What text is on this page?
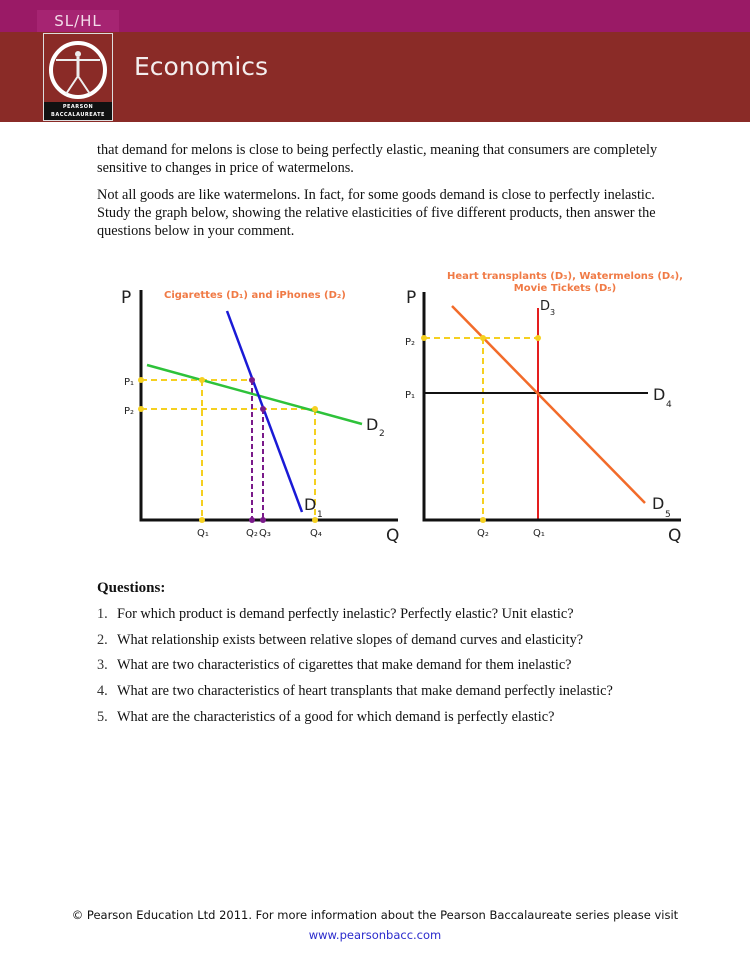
SL/HL
PEARSON
BACCALAUREATE
Economics
that demand for melons is close to being perfectly elastic, meaning that consumers are completely sensitive to changes in price of watermelons.
Not all goods are like watermelons. In fact, for some goods demand is close to perfectly inelastic. Study the graph below, showing the relative elasticities of five different products, then answer the questions below in your comment.
Cigarettes (D₁) and iPhones (D₂)
P
Q
P₁
P₂
Q₁	Q₂ Q₃	Q₄
D 2
D
1
Heart transplants (D₃), Watermelons (D₄),
Movie Tickets (D₅)
P
Q
P₂
P₁
Q₂	Q₁
D 3
D
4
D
5
Questions:
1. For which product is demand perfectly inelastic? Perfectly elastic? Unit elastic?
2. What relationship exists between relative slopes of demand curves and elasticity?
3. What are two characteristics of cigarettes that make demand for them inelastic?
4. What are two characteristics of heart transplants that make demand perfectly inelastic?
5. What are the characteristics of a good for which demand is perfectly elastic?
© Pearson Education Ltd 2011. For more information about the Pearson Baccalaureate series please visit
www.pearsonbacc.com
